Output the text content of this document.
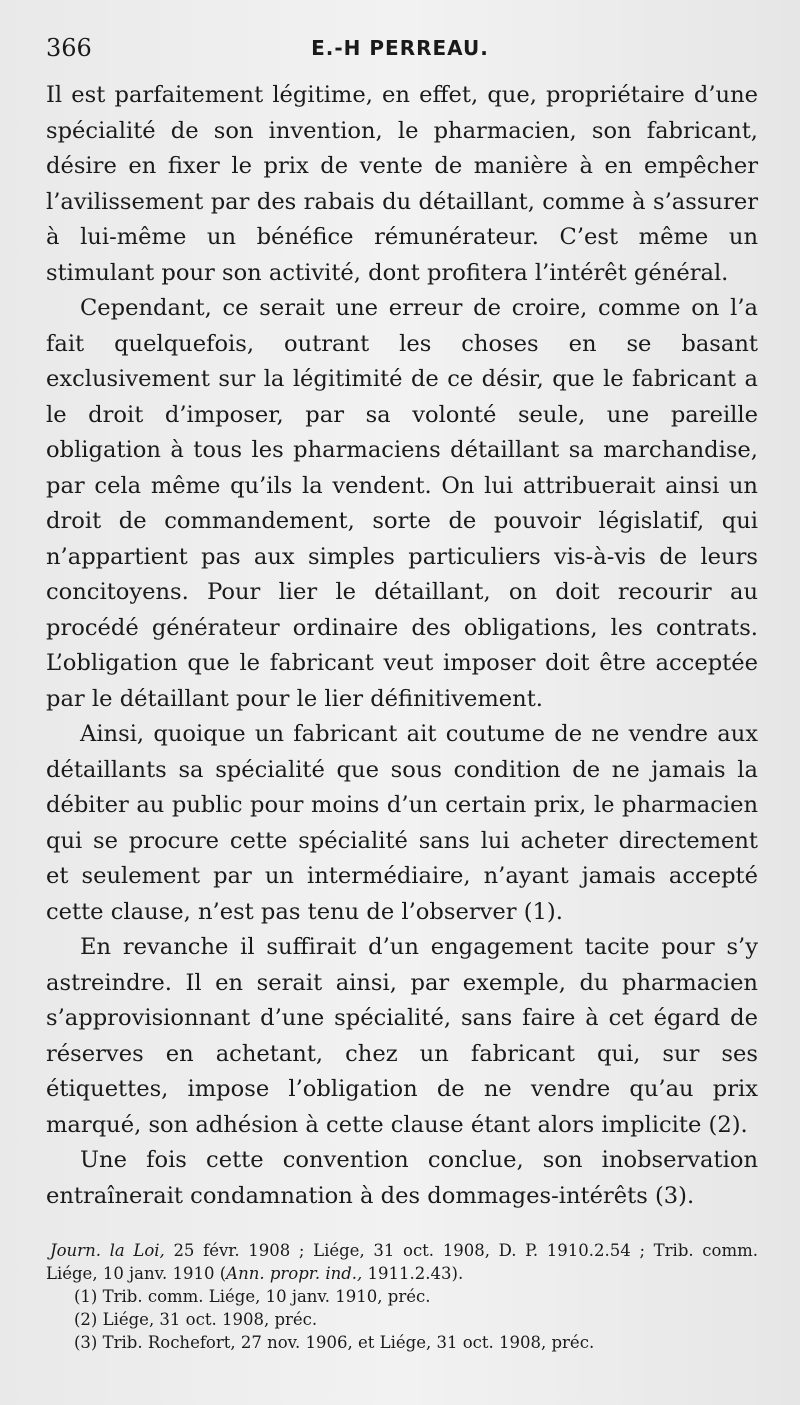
366	E.-H PERREAU.

Il est parfaitement légitime, en effet, que, propriétaire d’une spécialité de son invention, le pharmacien, son fabricant, désire en fixer le prix de vente de manière à en empêcher l’avilissement par des rabais du détaillant, comme à s’assurer à lui-même un bénéfice rémunérateur. C’est même un stimulant pour son activité, dont profitera l’intérêt général.

Cependant, ce serait une erreur de croire, comme on l’a fait quelquefois, outrant les choses en se basant exclusivement sur la légitimité de ce désir, que le fabricant a le droit d’imposer, par sa volonté seule, une pareille obligation à tous les pharmaciens détaillant sa marchandise, par cela même qu’ils la vendent. On lui attribuerait ainsi un droit de commandement, sorte de pouvoir législatif, qui n’appartient pas aux simples particuliers vis-à-vis de leurs concitoyens. Pour lier le détaillant, on doit recourir au procédé générateur ordinaire des obligations, les contrats. L’obligation que le fabricant veut imposer doit être acceptée par le détaillant pour le lier définitivement.

Ainsi, quoique un fabricant ait coutume de ne vendre aux détaillants sa spécialité que sous condition de ne jamais la débiter au public pour moins d’un certain prix, le pharmacien qui se procure cette spécialité sans lui acheter directement et seulement par un intermédiaire, n’ayant jamais accepté cette clause, n’est pas tenu de l’observer (1).

En revanche il suffirait d’un engagement tacite pour s’y astreindre. Il en serait ainsi, par exemple, du pharmacien s’approvisionnant d’une spécialité, sans faire à cet égard de réserves en achetant, chez un fabricant qui, sur ses étiquettes, impose l’obligation de ne vendre qu’au prix marqué, son adhésion à cette clause étant alors implicite (2).

Une fois cette convention conclue, son inobservation entraînerait condamnation à des dommages-intérêts (3).

Journ. la Loi, 25 févr. 1908 ; Liége, 31 oct. 1908, D. P. 1910.2.54 ; Trib. comm. Liége, 10 janv. 1910 (Ann. propr. ind., 1911.2.43).

(1) Trib. comm. Liége, 10 janv. 1910, préc.

(2) Liége, 31 oct. 1908, préc.

(3) Trib. Rochefort, 27 nov. 1906, et Liége, 31 oct. 1908, préc.
